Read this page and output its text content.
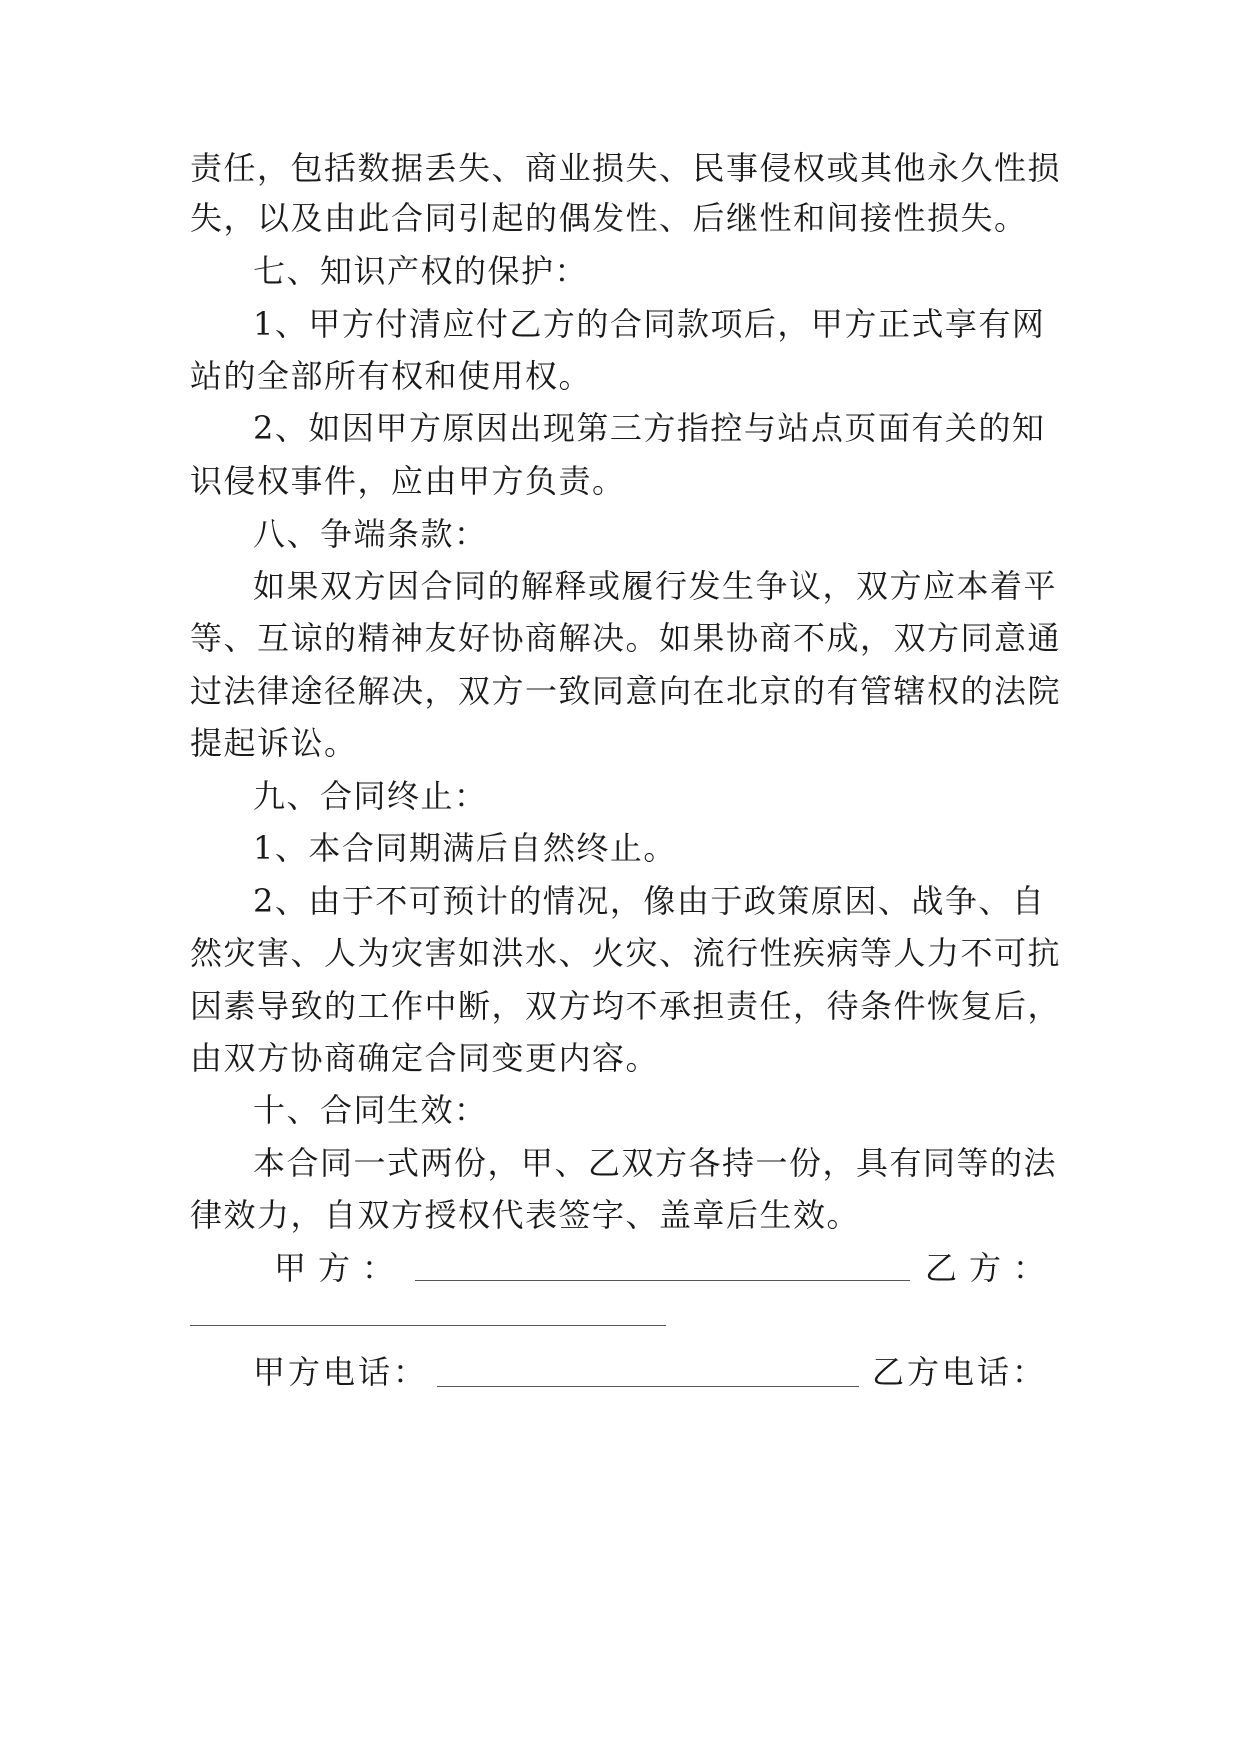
责任，包括数据丢失、商业损失、民事侵权或其他永久性损
失，以及由此合同引起的偶发性、后继性和间接性损失。
七、知识产权的保护：
1、甲方付清应付乙方的合同款项后，甲方正式享有网
站的全部所有权和使用权。
2、如因甲方原因出现第三方指控与站点页面有关的知
识侵权事件，应由甲方负责。
八、争端条款：
如果双方因合同的解释或履行发生争议，双方应本着平
等、互谅的精神友好协商解决。如果协商不成，双方同意通
过法律途径解决，双方一致同意向在北京的有管辖权的法院
提起诉讼。
九、合同终止：
1、本合同期满后自然终止。
2、由于不可预计的情况，像由于政策原因、战争、自
然灾害、人为灾害如洪水、火灾、流行性疾病等人力不可抗
因素导致的工作中断，双方均不承担责任，待条件恢复后，
由双方协商确定合同变更内容。
十、合同生效：
本合同一式两份，甲、乙双方各持一份，具有同等的法
律效力，自双方授权代表签字、盖章后生效。
甲方：	乙方：
甲方电话：	乙方电话：
